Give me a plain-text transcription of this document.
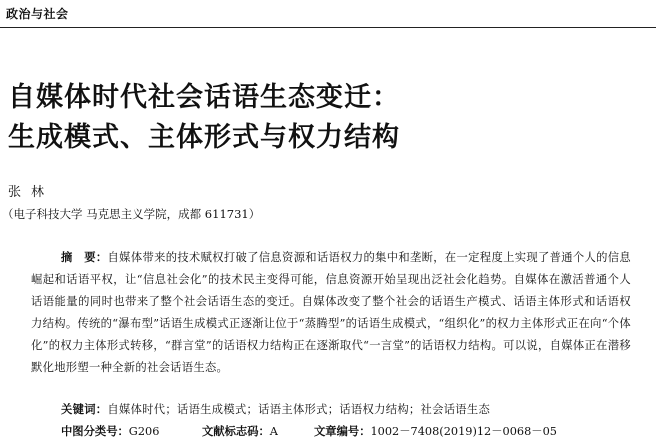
政治与社会
自媒体时代社会话语生态变迁：
生成模式、主体形式与权力结构
张林
（电子科技大学 马克思主义学院，成都 611731）

摘　要：自媒体带来的技术赋权打破了信息资源和话语权力的集中和垄断，在一定程度上实现了普通个人的信息崛起和话语平权，让“信息社会化”的技术民主变得可能，信息资源开始呈现出泛社会化趋势。自媒体在激活普通个人话语能量的同时也带来了整个社会话语生态的变迁。自媒体改变了整个社会的话语生产模式、话语主体形式和话语权力结构。传统的“瀑布型”话语生成模式正逐渐让位于“蒸腾型”的话语生成模式，“组织化”的权力主体形式正在向“个体化”的权力主体形式转移，“群言堂”的话语权力结构正在逐渐取代“一言堂”的话语权力结构。可以说，自媒体正在潜移默化地形塑一种全新的社会话语生态。

关键词：自媒体时代；话语生成模式；话语主体形式；话语权力结构；社会话语生态
中图分类号：G206	文献标志码：A	文章编号：1002－7408(2019)12－0068－05
